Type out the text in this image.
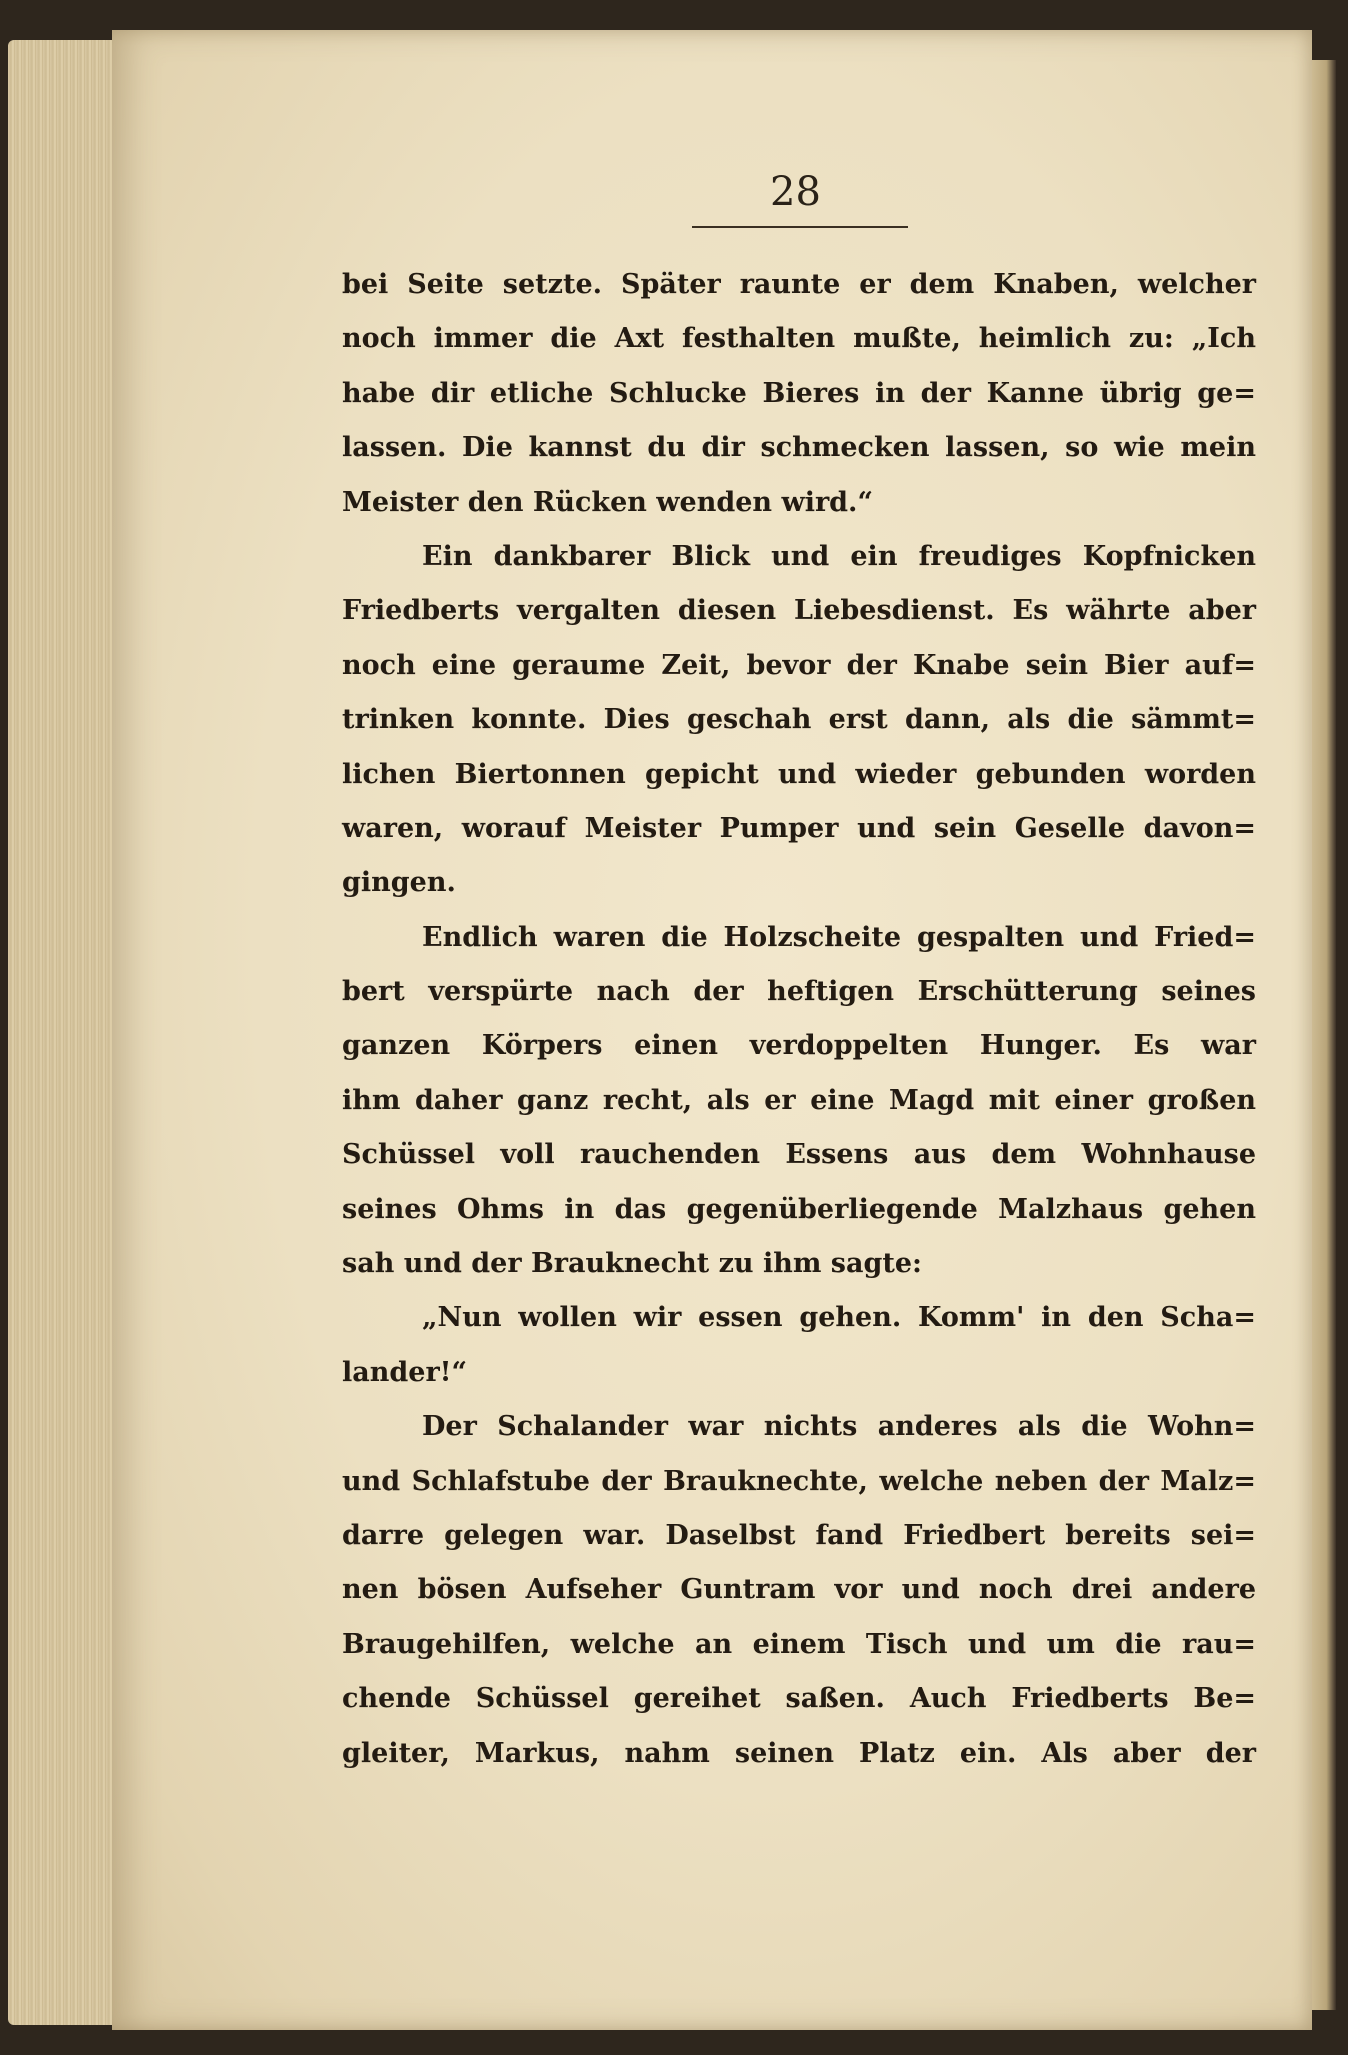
28

bei Seite setzte. Später raunte er dem Knaben, welcher
noch immer die Axt festhalten mußte, heimlich zu: „Ich
habe dir etliche Schlucke Bieres in der Kanne übrig ge=
lassen. Die kannst du dir schmecken lassen, so wie mein
Meister den Rücken wenden wird.“
Ein dankbarer Blick und ein freudiges Kopfnicken
Friedberts vergalten diesen Liebesdienst. Es währte aber
noch eine geraume Zeit, bevor der Knabe sein Bier auf=
trinken konnte. Dies geschah erst dann, als die sämmt=
lichen Biertonnen gepicht und wieder gebunden worden
waren, worauf Meister Pumper und sein Geselle davon=
gingen.
Endlich waren die Holzscheite gespalten und Fried=
bert verspürte nach der heftigen Erschütterung seines
ganzen Körpers einen verdoppelten Hunger. Es war
ihm daher ganz recht, als er eine Magd mit einer großen
Schüssel voll rauchenden Essens aus dem Wohnhause
seines Ohms in das gegenüberliegende Malzhaus gehen
sah und der Brauknecht zu ihm sagte:
„Nun wollen wir essen gehen. Komm' in den Scha=
lander!“
Der Schalander war nichts anderes als die Wohn=
und Schlafstube der Brauknechte, welche neben der Malz=
darre gelegen war. Daselbst fand Friedbert bereits sei=
nen bösen Aufseher Guntram vor und noch drei andere
Braugehilfen, welche an einem Tisch und um die rau=
chende Schüssel gereihet saßen. Auch Friedberts Be=
gleiter, Markus, nahm seinen Platz ein. Als aber der
